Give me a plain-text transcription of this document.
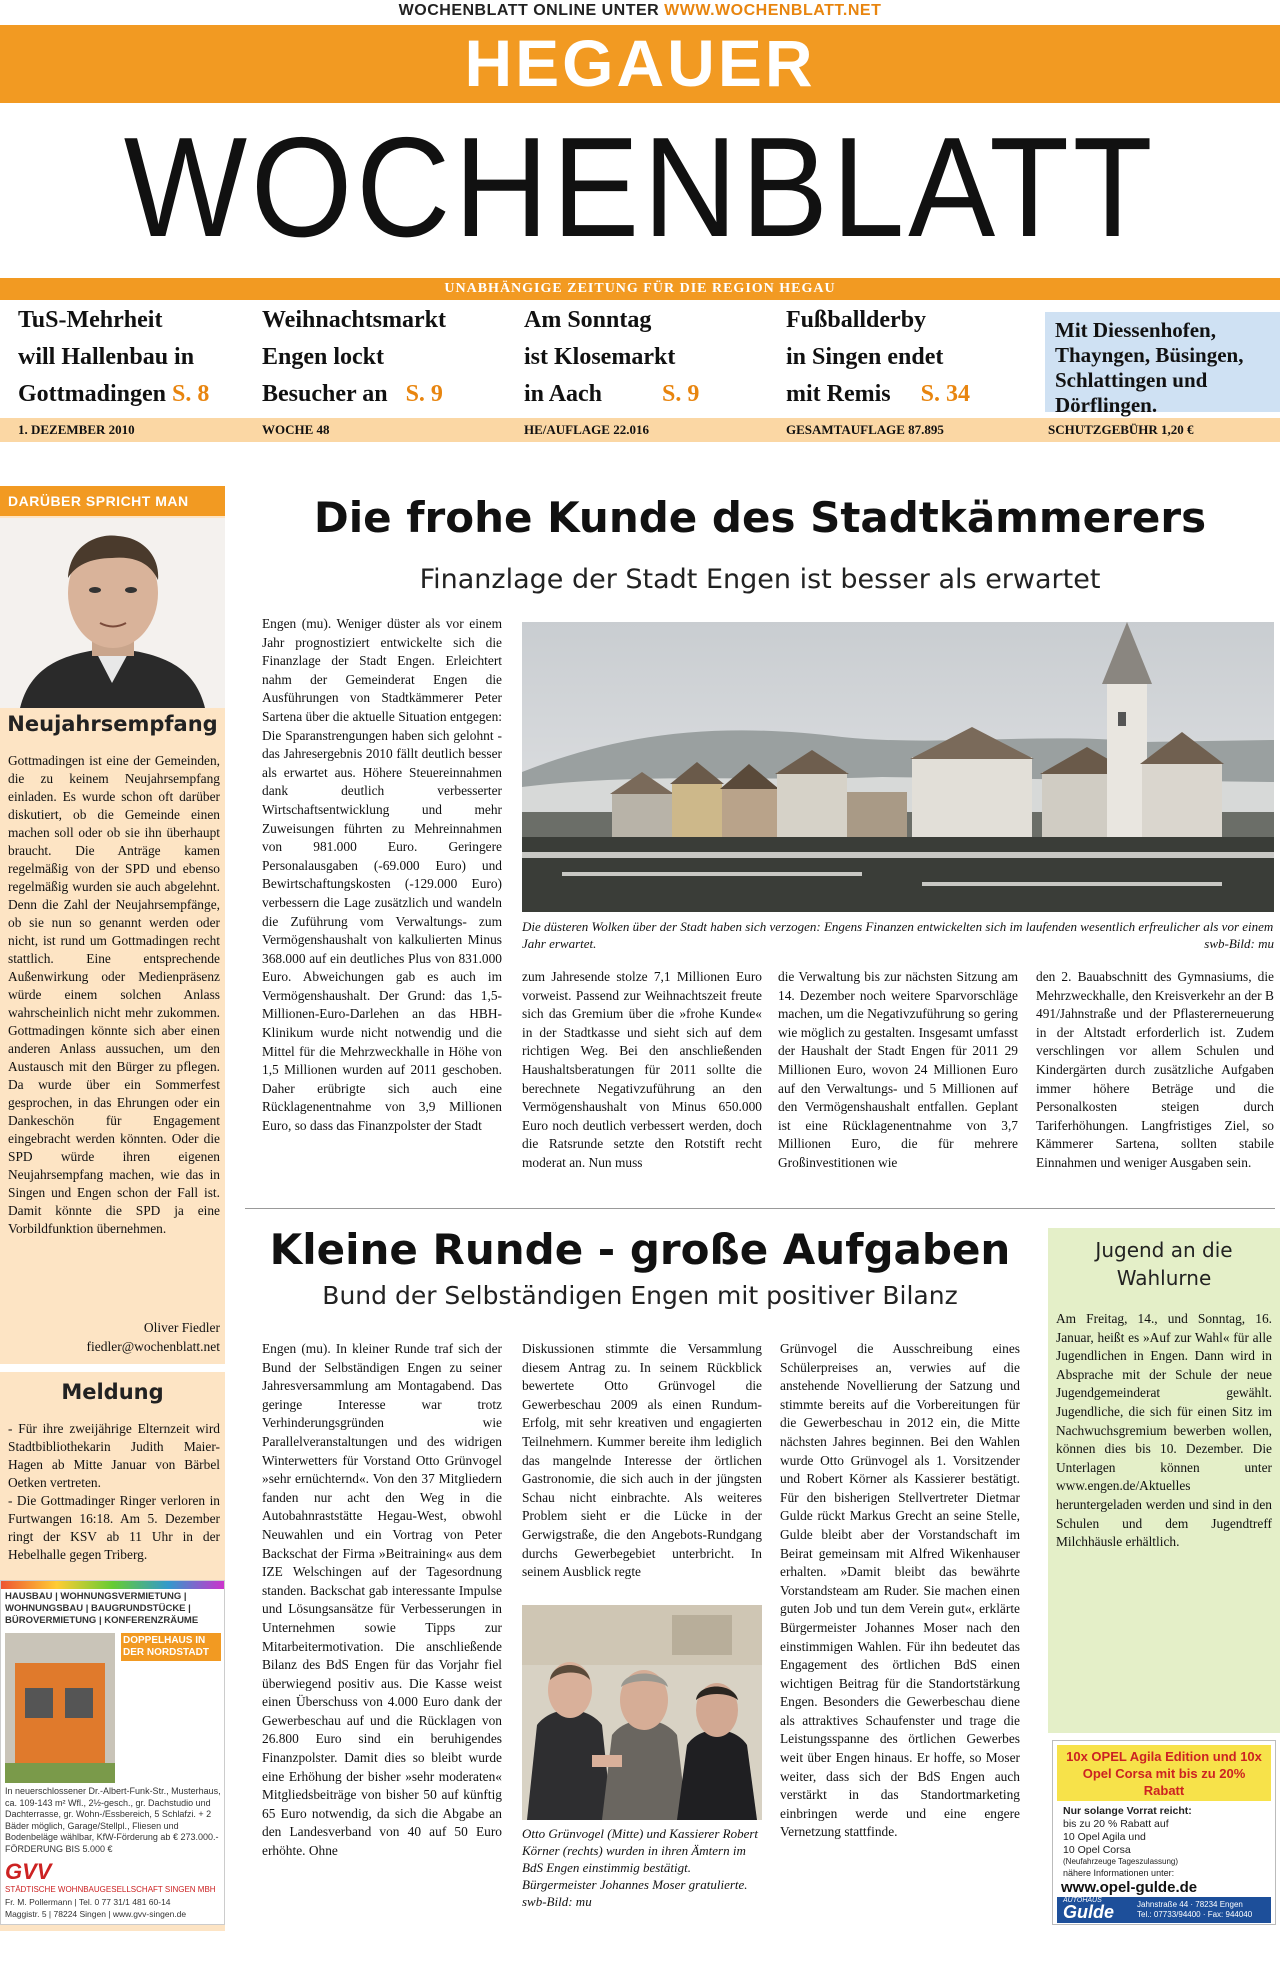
WOCHENBLATT ONLINE UNTER WWW.WOCHENBLATT.NET
HEGAUER
WOCHENBLATT
UNABHÄNGIGE ZEITUNG FÜR DIE REGION HEGAU
TuS-Mehrheit
will Hallenbau in
Gottmadingen S. 8
Weihnachtsmarkt
Engen lockt
Besucher an S. 9
Am Sonntag
ist Klosemarkt
in Aach	S. 9
Fußballderby
in Singen endet
mit Remis S. 34
Mit Diessenhofen, Thayngen, Büsingen, Schlattingen und Dörflingen.
1. DEZEMBER 2010	WOCHE 48	HE/AUFLAGE 22.016	GESAMTAUFLAGE 87.895	SCHUTZGEBÜHR 1,20 €
DARÜBER SPRICHT MAN
Neujahrsempfang
Gottmadingen ist eine der Gemeinden, die zu keinem Neujahrsempfang einladen. Es wurde schon oft darüber diskutiert, ob die Gemeinde einen machen soll oder ob sie ihn überhaupt braucht. Die Anträge kamen regelmäßig von der SPD und ebenso regelmäßig wurden sie auch abgelehnt. Denn die Zahl der Neujahrsempfänge, ob sie nun so genannt werden oder nicht, ist rund um Gottmadingen recht stattlich. Eine entsprechende Außenwirkung oder Medienpräsenz würde einem solchen Anlass wahrscheinlich nicht mehr zukommen. Gottmadingen könnte sich aber einen anderen Anlass aussuchen, um den Austausch mit den Bürger zu pflegen. Da wurde über ein Sommerfest gesprochen, in das Ehrungen oder ein Dankeschön für Engagement eingebracht werden könnten. Oder die SPD würde ihren eigenen Neujahrsempfang machen, wie das in Singen und Engen schon der Fall ist. Damit könnte die SPD ja eine Vorbildfunktion übernehmen.
Oliver Fiedler
fiedler@wochenblatt.net
Meldung
- Für ihre zweijährige Elternzeit wird Stadtbibliothekarin Judith Maier-Hagen ab Mitte Januar von Bärbel Oetken vertreten.
- Die Gottmadinger Ringer verloren in Furtwangen 16:18. Am 5. Dezember ringt der KSV ab 11 Uhr in der Hebelhalle gegen Triberg.
HAUSBAU | WOHNUNGSVERMIETUNG | WOHNUNGSBAU | BAUGRUNDSTÜCKE | BÜROVERMIETUNG | KONFERENZRÄUME
DOPPELHAUS IN DER NORDSTADT
In neuerschlossener Dr.-Albert-Funk-Str., Musterhaus, ca. 109-143 m² Wfl., 2½-gesch., gr. Dachstudio und Dachterrasse, gr. Wohn-/Essbereich, 5 Schlafzi. + 2 Bäder möglich, Garage/Stellpl., Fliesen und Bodenbeläge wählbar, KfW-Förderung ab € 273.000.- FÖRDERUNG BIS 5.000 €
GVV
STÄDTISCHE WOHNBAUGESELLSCHAFT SINGEN MBH
Fr. M. Pollermann | Tel. 0 77 31/1 481 60-14
Maggistr. 5 | 78224 Singen | www.gvv-singen.de
Die frohe Kunde des Stadtkämmerers
Finanzlage der Stadt Engen ist besser als erwartet
Engen (mu). Weniger düster als vor einem Jahr prognostiziert entwickelte sich die Finanzlage der Stadt Engen. Erleichtert nahm der Gemeinderat Engen die Ausführungen von Stadtkämmerer Peter Sartena über die aktuelle Situation entgegen: Die Sparanstrengungen haben sich gelohnt - das Jahresergebnis 2010 fällt deutlich besser als erwartet aus. Höhere Steuereinnahmen dank deutlich verbesserter Wirtschaftsentwicklung und mehr Zuweisungen führten zu Mehreinnahmen von 981.000 Euro. Geringere Personalausgaben (-69.000 Euro) und Bewirtschaftungskosten (-129.000 Euro) verbessern die Lage zusätzlich und wandeln die Zuführung vom Verwaltungs- zum Vermögenshaushalt von kalkulierten Minus 368.000 auf ein deutliches Plus von 831.000 Euro. Abweichungen gab es auch im Vermögenshaushalt. Der Grund: das 1,5-Millionen-Euro-Darlehen an das HBH-Klinikum wurde nicht notwendig und die Mittel für die Mehrzweckhalle in Höhe von 1,5 Millionen wurden auf 2011 geschoben. Daher erübrigte sich auch eine Rücklagenentnahme von 3,9 Millionen Euro, so dass das Finanzpolster der Stadt
Die düsteren Wolken über der Stadt haben sich verzogen: Engens Finanzen entwickelten sich im laufenden wesentlich erfreulicher als vor einem Jahr erwartet.	swb-Bild: mu
zum Jahresende stolze 7,1 Millionen Euro vorweist. Passend zur Weihnachtszeit freute sich das Gremium über die »frohe Kunde« in der Stadtkasse und sieht sich auf dem richtigen Weg. Bei den anschließenden Haushaltsberatungen für 2011 sollte die berechnete Negativzuführung an den Vermögenshaushalt von Minus 650.000 Euro noch deutlich verbessert werden, doch die Ratsrunde setzte den Rotstift recht moderat an. Nun muss
die Verwaltung bis zur nächsten Sitzung am 14. Dezember noch weitere Sparvorschläge machen, um die Negativzuführung so gering wie möglich zu gestalten. Insgesamt umfasst der Haushalt der Stadt Engen für 2011 29 Millionen Euro, wovon 24 Millionen Euro auf den Verwaltungs- und 5 Millionen auf den Vermögenshaushalt entfallen. Geplant ist eine Rücklagenentnahme von 3,7 Millionen Euro, die für mehrere Großinvestitionen wie
den 2. Bauabschnitt des Gymnasiums, die Mehrzweckhalle, den Kreisverkehr an der B 491/Jahnstraße und der Pflastererneuerung in der Altstadt erforderlich ist. Zudem verschlingen vor allem Schulen und Kindergärten durch zusätzliche Aufgaben immer höhere Beträge und die Personalkosten steigen durch Tariferhöhungen. Langfristiges Ziel, so Kämmerer Sartena, sollten stabile Einnahmen und weniger Ausgaben sein.
Kleine Runde - große Aufgaben
Bund der Selbständigen Engen mit positiver Bilanz
Engen (mu). In kleiner Runde traf sich der Bund der Selbständigen Engen zu seiner Jahresversammlung am Montagabend. Das geringe Interesse war trotz Verhinderungsgründen wie Parallelveranstaltungen und des widrigen Winterwetters für Vorstand Otto Grünvogel »sehr ernüchternd«. Von den 37 Mitgliedern fanden nur acht den Weg in die Autobahnraststätte Hegau-West, obwohl Neuwahlen und ein Vortrag von Peter Backschat der Firma »Beitraining« aus dem IZE Welschingen auf der Tagesordnung standen. Backschat gab interessante Impulse und Lösungsansätze für Verbesserungen in Unternehmen sowie Tipps zur Mitarbeitermotivation. Die anschließende Bilanz des BdS Engen für das Vorjahr fiel überwiegend positiv aus. Die Kasse weist einen Überschuss von 4.000 Euro dank der Gewerbeschau auf und die Rücklagen von 26.800 Euro sind ein beruhigendes Finanzpolster. Damit dies so bleibt wurde eine Erhöhung der bisher »sehr moderaten« Mitgliedsbeiträge von bisher 50 auf künftig 65 Euro notwendig, da sich die Abgabe an den Landesverband von 40 auf 50 Euro erhöhte. Ohne
Diskussionen stimmte die Versammlung diesem Antrag zu. In seinem Rückblick bewertete Otto Grünvogel die Gewerbeschau 2009 als einen Rundum-Erfolg, mit sehr kreativen und engagierten Teilnehmern. Kummer bereite ihm lediglich das mangelnde Interesse der örtlichen Gastronomie, die sich auch in der jüngsten Schau nicht einbrachte. Als weiteres Problem sieht er die Lücke in der Gerwigstraße, die den Angebots-Rundgang durchs Gewerbegebiet unterbricht. In seinem Ausblick regte
Otto Grünvogel (Mitte) und Kassierer Robert Körner (rechts) wurden in ihren Ämtern im BdS Engen einstimmig bestätigt. Bürgermeister Johannes Moser gratulierte. swb-Bild: mu
Grünvogel die Ausschreibung eines Schülerpreises an, verwies auf die anstehende Novellierung der Satzung und stimmte bereits auf die Vorbereitungen für die Gewerbeschau in 2012 ein, die Mitte nächsten Jahres beginnen. Bei den Wahlen wurde Otto Grünvogel als 1. Vorsitzender und Robert Körner als Kassierer bestätigt. Für den bisherigen Stellvertreter Dietmar Gulde rückt Markus Grecht an seine Stelle, Gulde bleibt aber der Vorstandschaft im Beirat gemeinsam mit Alfred Wikenhauser erhalten. »Damit bleibt das bewährte Vorstandsteam am Ruder. Sie machen einen guten Job und tun dem Verein gut«, erklärte Bürgermeister Johannes Moser nach den einstimmigen Wahlen. Für ihn bedeutet das Engagement des örtlichen BdS einen wichtigen Beitrag für die Standortstärkung Engen. Besonders die Gewerbeschau diene als attraktives Schaufenster und trage die Leistungsspanne des örtlichen Gewerbes weit über Engen hinaus. Er hoffe, so Moser weiter, dass sich der BdS Engen auch verstärkt in das Standortmarketing einbringen werde und eine engere Vernetzung stattfinde.
Jugend an die Wahlurne
Am Freitag, 14., und Sonntag, 16. Januar, heißt es »Auf zur Wahl« für alle Jugendlichen in Engen. Dann wird in Absprache mit der Schule der neue Jugendgemeinderat gewählt. Jugendliche, die sich für einen Sitz im Nachwuchsgremium bewerben wollen, können dies bis 10. Dezember. Die Unterlagen können unter www.engen.de/Aktuelles heruntergeladen werden und sind in den Schulen und dem Jugendtreff Milchhäusle erhältlich.
10x OPEL Agila Edition und 10x Opel Corsa mit bis zu 20% Rabatt
Nur solange Vorrat reicht:
bis zu 20 % Rabatt auf
10 Opel Agila und
10 Opel Corsa
(Neufahrzeuge Tageszulassung)
nähere Informationen unter:
www.opel-gulde.de
AUTOHAUS
Gulde	Jahnstraße 44 · 78234 Engen
Tel.: 07733/94400 · Fax: 944040
